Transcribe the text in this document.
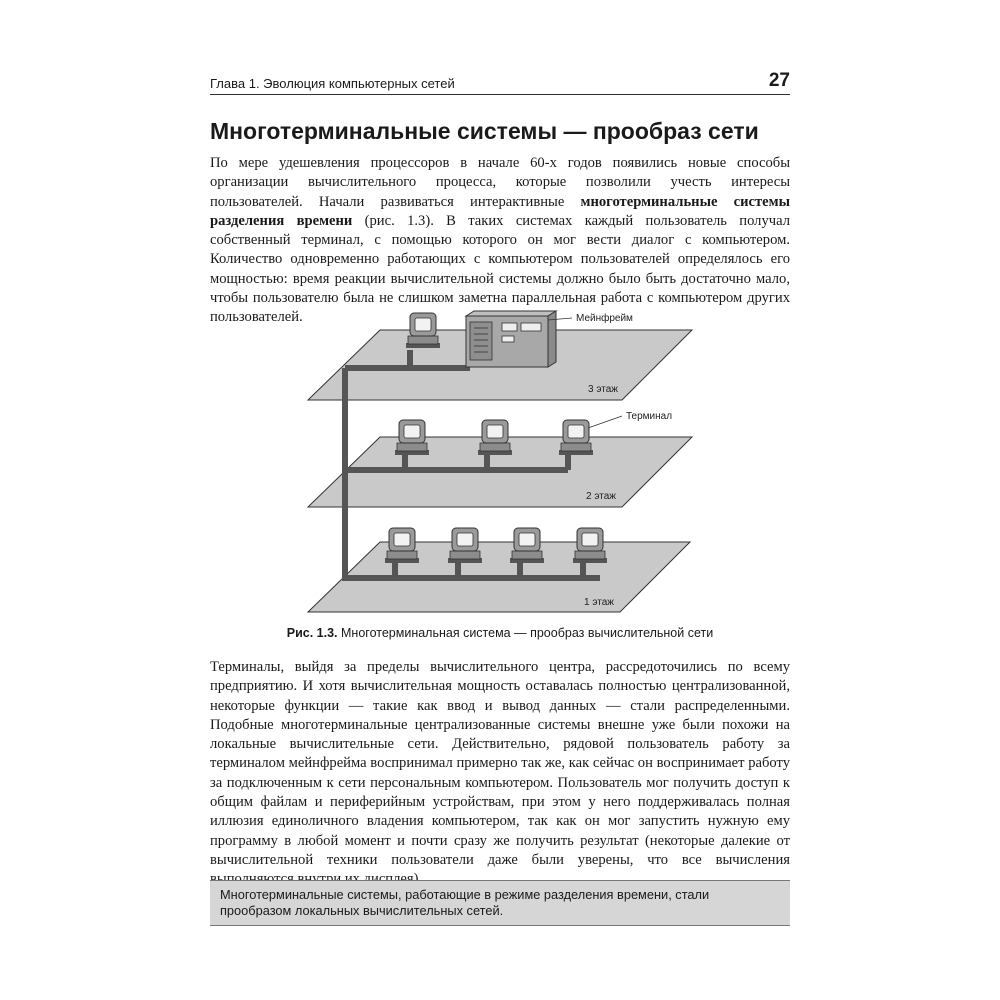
Глава 1. Эволюция компьютерных сетей	27
Многотерминальные системы — прообраз сети

По мере удешевления процессоров в начале 60-х годов появились новые способы организации вычислительного процесса, которые позволили учесть интересы пользователей. Начали развиваться интерактивные многотерминальные системы разделения времени (рис. 1.3). В таких системах каждый пользователь получал собственный терминал, с помощью которого он мог вести диалог с компьютером. Количество одновременно работающих с компьютером пользователей определялось его мощностью: время реакции вычислительной системы должно было быть достаточно мало, чтобы пользователю была не слишком заметна параллельная работа с компьютером других пользователей.	Мейнфрейм
Терминал
3 этаж
2 этаж
1 этаж
Рис. 1.3. Многотерминальная система — прообраз вычислительной сети

Терминалы, выйдя за пределы вычислительного центра, рассредоточились по всему предприятию. И хотя вычислительная мощность оставалась полностью централизованной, некоторые функции — такие как ввод и вывод данных — стали распределенными. Подобные многотерминальные централизованные системы внешне уже были похожи на локальные вычислительные сети. Действительно, рядовой пользователь работу за терминалом мейнфрейма воспринимал примерно так же, как сейчас он воспринимает работу за подключенным к сети персональным компьютером. Пользователь мог получить доступ к общим файлам и периферийным устройствам, при этом у него поддерживалась полная иллюзия единоличного владения компьютером, так как он мог запустить нужную ему программу в любой момент и почти сразу же получить результат (некоторые далекие от вычислительной техники пользователи даже были уверены, что все вычисления

Многотерминальные системы, работающие в режиме разделения времени, стали прообразом локальных вычислительных сетей.
